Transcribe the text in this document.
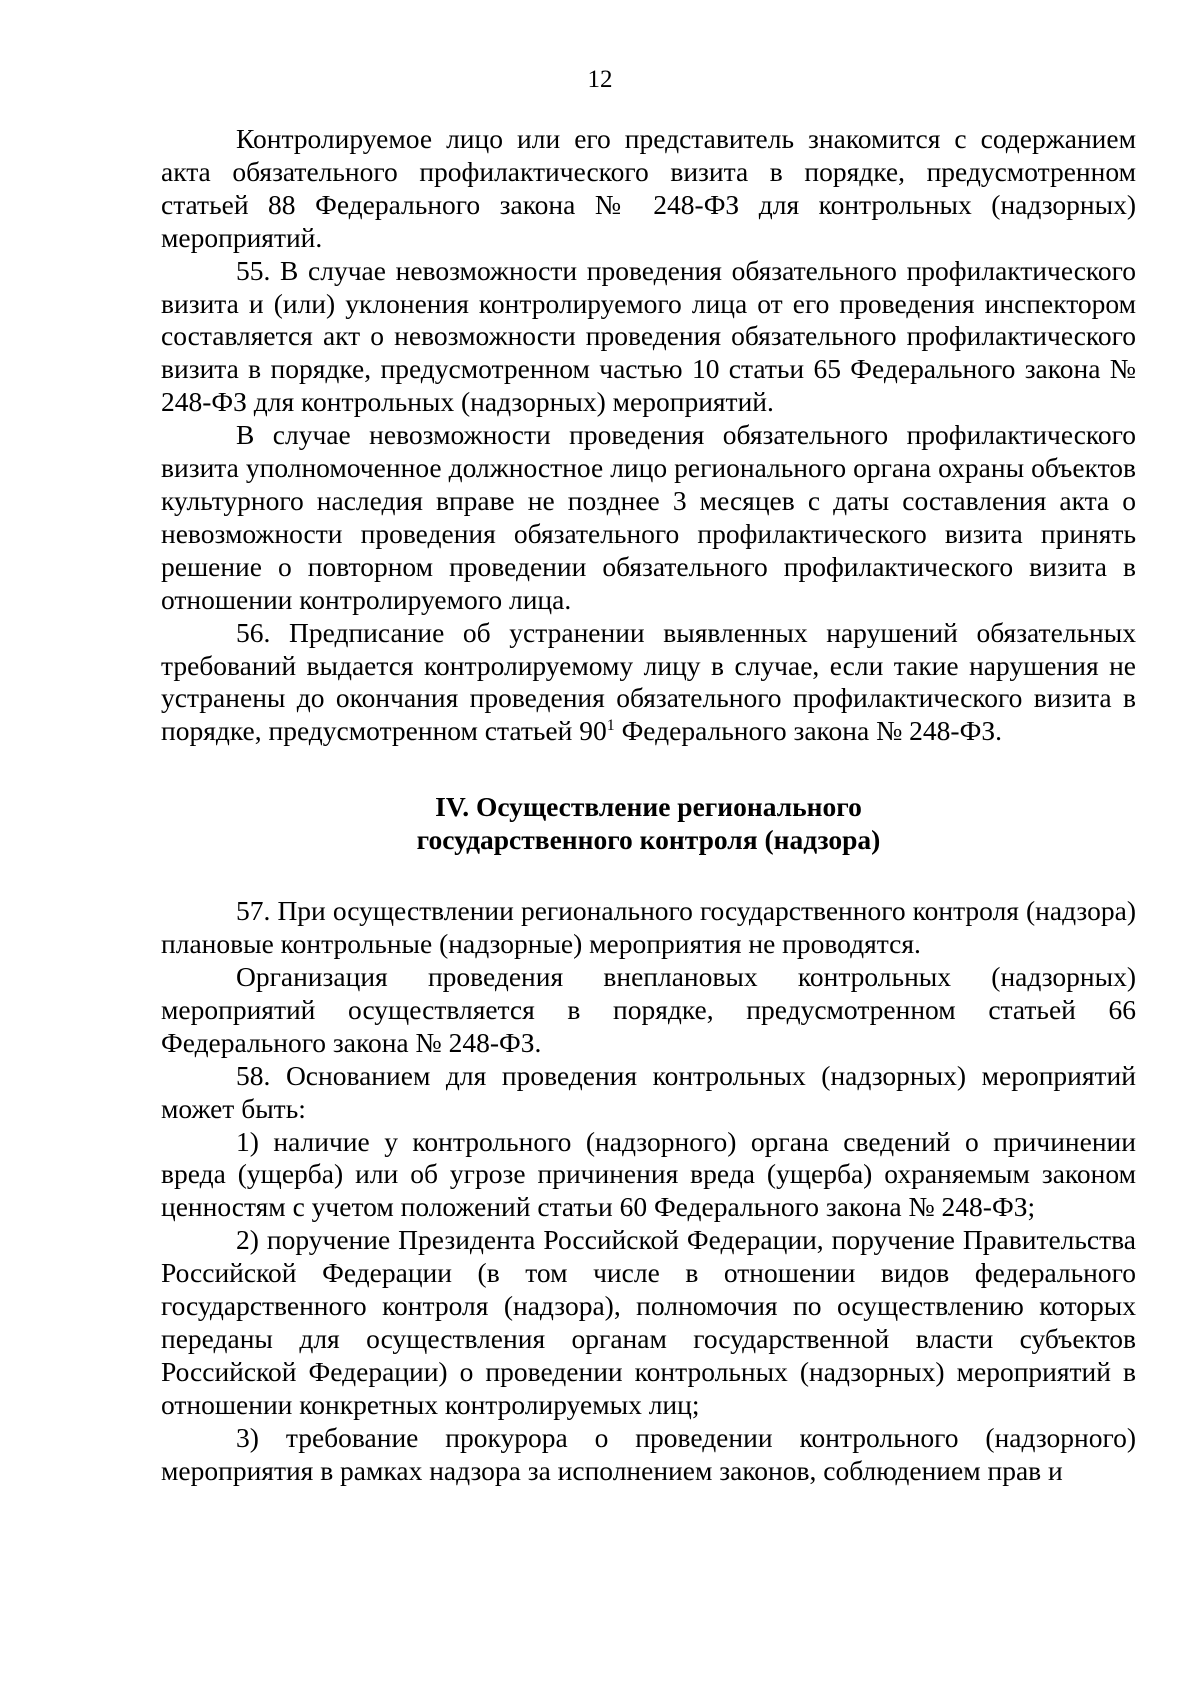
12

Контролируемое лицо или его представитель знакомится с содержанием акта обязательного профилактического визита в порядке, предусмотренном статьей 88 Федерального закона № 248-ФЗ для контрольных (надзорных) мероприятий.

55. В случае невозможности проведения обязательного профилактического визита и (или) уклонения контролируемого лица от его проведения инспектором составляется акт о невозможности проведения обязательного профилактического визита в порядке, предусмотренном частью 10 статьи 65 Федерального закона № 248-ФЗ для контрольных (надзорных) мероприятий.

В случае невозможности проведения обязательного профилактического визита уполномоченное должностное лицо регионального органа охраны объектов культурного наследия вправе не позднее 3 месяцев с даты составления акта о невозможности проведения обязательного профилактического визита принять решение о повторном проведении обязательного профилактического визита в отношении контролируемого лица.

56. Предписание об устранении выявленных нарушений обязательных требований выдается контролируемому лицу в случае, если такие нарушения не устранены до окончания проведения обязательного профилактического визита в порядке, предусмотренном статьей $90^1$ Федерального закона № 248-ФЗ.

IV. Осуществление регионального
государственного контроля (надзора)

57. При осуществлении регионального государственного контроля (надзора) плановые контрольные (надзорные) мероприятия не проводятся.

Организация проведения внеплановых контрольных (надзорных) мероприятий осуществляется в порядке, предусмотренном статьей 66 Федерального закона № 248-ФЗ.

58. Основанием для проведения контрольных (надзорных) мероприятий может быть:

1) наличие у контрольного (надзорного) органа сведений о причинении вреда (ущерба) или об угрозе причинения вреда (ущерба) охраняемым законом ценностям с учетом положений статьи 60 Федерального закона № 248-ФЗ;

2) поручение Президента Российской Федерации, поручение Правительства Российской Федерации (в том числе в отношении видов федерального государственного контроля (надзора), полномочия по осуществлению которых переданы для осуществления органам государственной власти субъектов Российской Федерации) о проведении контрольных (надзорных) мероприятий в отношении конкретных контролируемых лиц;

3) требование прокурора о проведении контрольного (надзорного) мероприятия в рамках надзора за исполнением законов, соблюдением прав и
